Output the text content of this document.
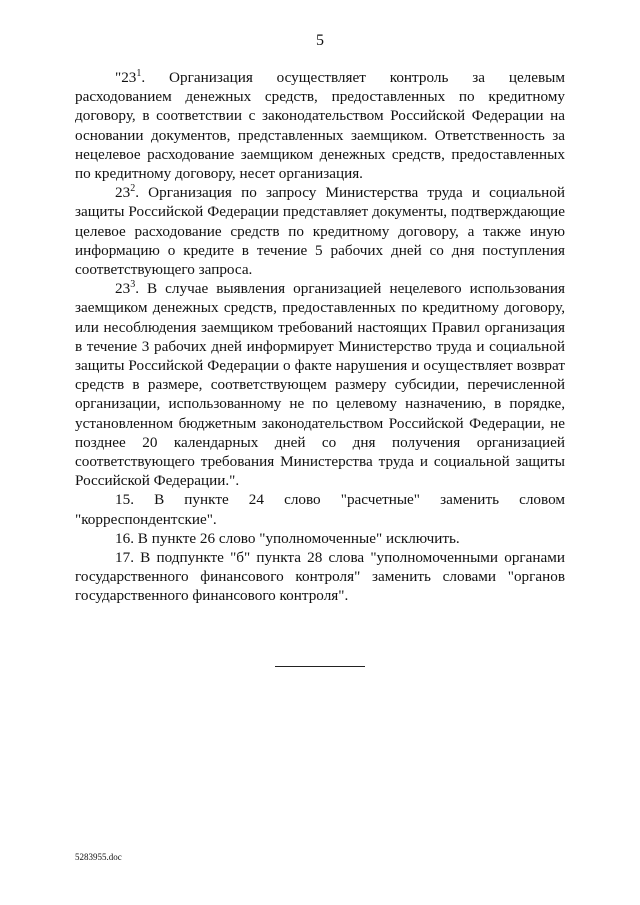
5

"$23^1$. Организация осуществляет контроль за целевым расходованием денежных средств, предоставленных по кредитному договору, в соответствии с законодательством Российской Федерации на основании документов, представленных заемщиком. Ответственность за нецелевое расходование заемщиком денежных средств, предоставленных по кредитному договору, несет организация.

$23^2$. Организация по запросу Министерства труда и социальной защиты Российской Федерации представляет документы, подтверждающие целевое расходование средств по кредитному договору, а также иную информацию о кредите в течение 5 рабочих дней со дня поступления соответствующего запроса.

$23^3$. В случае выявления организацией нецелевого использования заемщиком денежных средств, предоставленных по кредитному договору, или несоблюдения заемщиком требований настоящих Правил организация в течение 3 рабочих дней информирует Министерство труда и социальной защиты Российской Федерации о факте нарушения и осуществляет возврат средств в размере, соответствующем размеру субсидии, перечисленной организации, использованному не по целевому назначению, в порядке, установленном бюджетным законодательством Российской Федерации, не позднее 20 календарных дней со дня получения организацией соответствующего требования Министерства труда и социальной защиты Российской Федерации.".

15. В пункте 24 слово "расчетные" заменить словом "корреспондентские".

16. В пункте 26 слово "уполномоченные" исключить.

17. В подпункте "б" пункта 28 слова "уполномоченными органами государственного финансового контроля" заменить словами "органов государственного финансового контроля".

5283955.doc
